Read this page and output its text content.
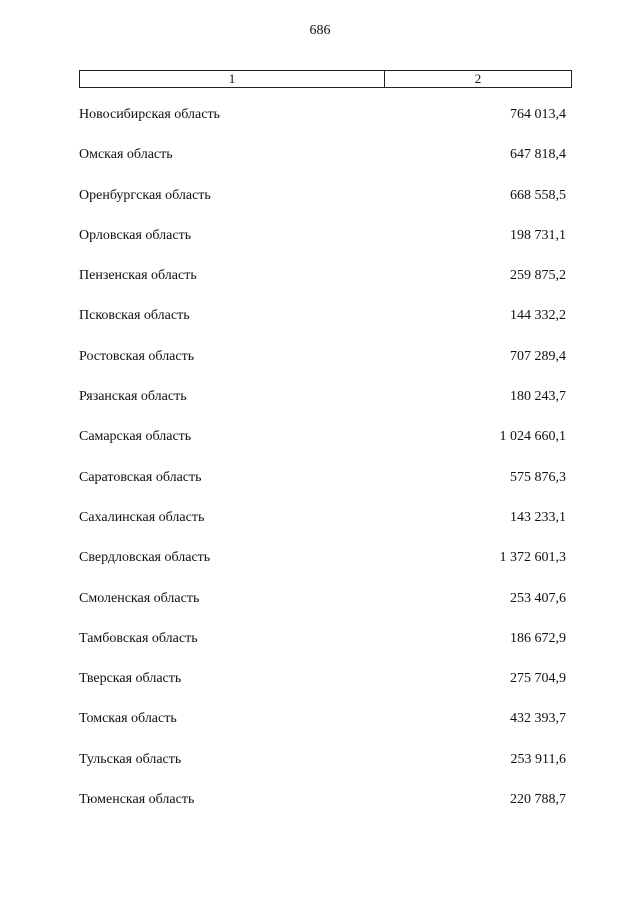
686
1	2
Новосибирская область	764 013,4
Омская область	647 818,4
Оренбургская область	668 558,5
Орловская область	198 731,1
Пензенская область	259 875,2
Псковская область	144 332,2
Ростовская область	707 289,4
Рязанская область	180 243,7
Самарская область	1 024 660,1
Саратовская область	575 876,3
Сахалинская область	143 233,1
Свердловская область	1 372 601,3
Смоленская область	253 407,6
Тамбовская область	186 672,9
Тверская область	275 704,9
Томская область	432 393,7
Тульская область	253 911,6
Тюменская область	220 788,7
